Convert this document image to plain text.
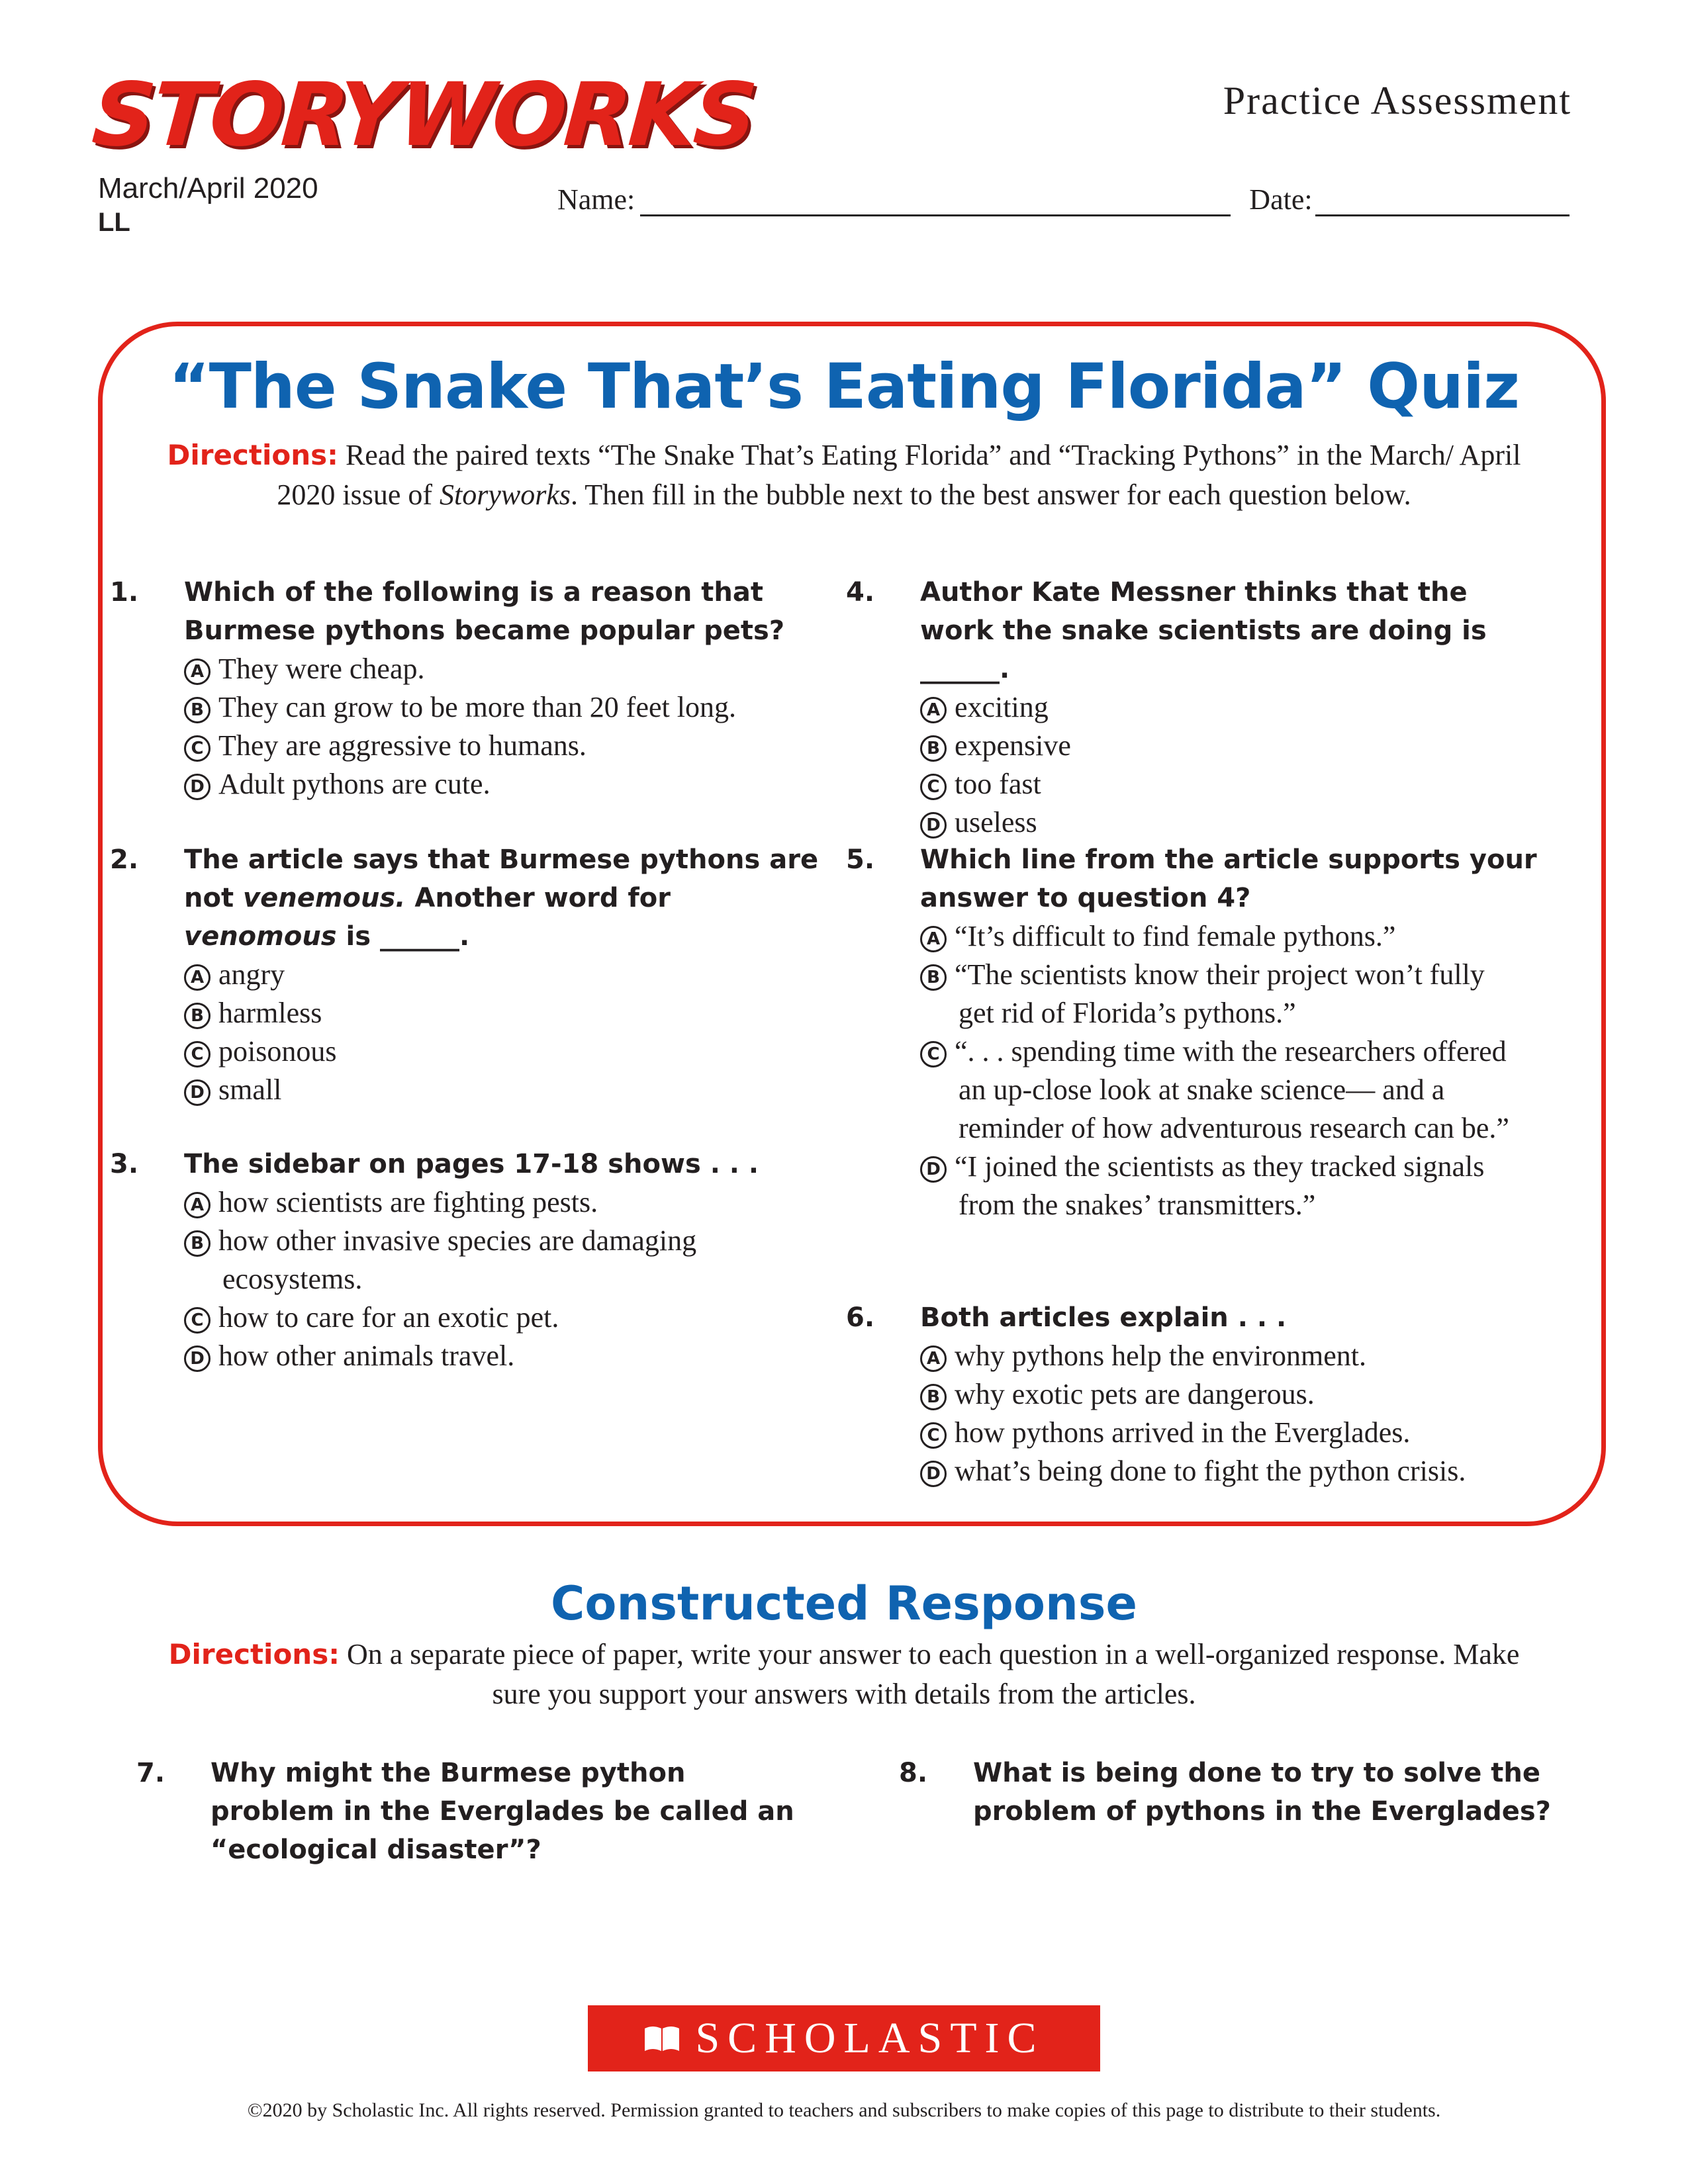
STORYWORKS
March/April 2020
LL
Practice Assessment
Name:	Date:
“The Snake That’s Eating Florida” Quiz
Directions: Read the paired texts “The Snake That’s Eating Florida” and “Tracking Pythons” in the March/ April 2020 issue of Storyworks. Then fill in the bubble next to the best answer for each question below.
1. Which of the following is a reason that Burmese pythons became popular pets?
A They were cheap.
B They can grow to be more than 20 feet long.
C They are aggressive to humans.
D Adult pythons are cute.
2. The article says that Burmese pythons are not venemous. Another word for venomous is ______.
A angry
B harmless
C poisonous
D small
3. The sidebar on pages 17-18 shows . . .
A how scientists are fighting pests.
B how other invasive species are damaging ecosystems.
C how to care for an exotic pet.
D how other animals travel.
4. Author Kate Messner thinks that the work the snake scientists are doing is ______.
A exciting
B expensive
C too fast
D useless
5. Which line from the article supports your answer to question 4?
A “It’s difficult to find female pythons.”
B “The scientists know their project won’t fully get rid of Florida’s pythons.”
C “. . . spending time with the researchers offered an up-close look at snake science— and a reminder of how adventurous research can be.”
D “I joined the scientists as they tracked signals from the snakes’ transmitters.”
6. Both articles explain . . .
A why pythons help the environment.
B why exotic pets are dangerous.
C how pythons arrived in the Everglades.
D what’s being done to fight the python crisis.
Constructed Response
Directions: On a separate piece of paper, write your answer to each question in a well-organized response. Make sure you support your answers with details from the articles.
7. Why might the Burmese python problem in the Everglades be called an “ecological disaster”?
8. What is being done to try to solve the problem of pythons in the Everglades?
SCHOLASTIC
©2020 by Scholastic Inc. All rights reserved. Permission granted to teachers and subscribers to make copies of this page to distribute to their students.
